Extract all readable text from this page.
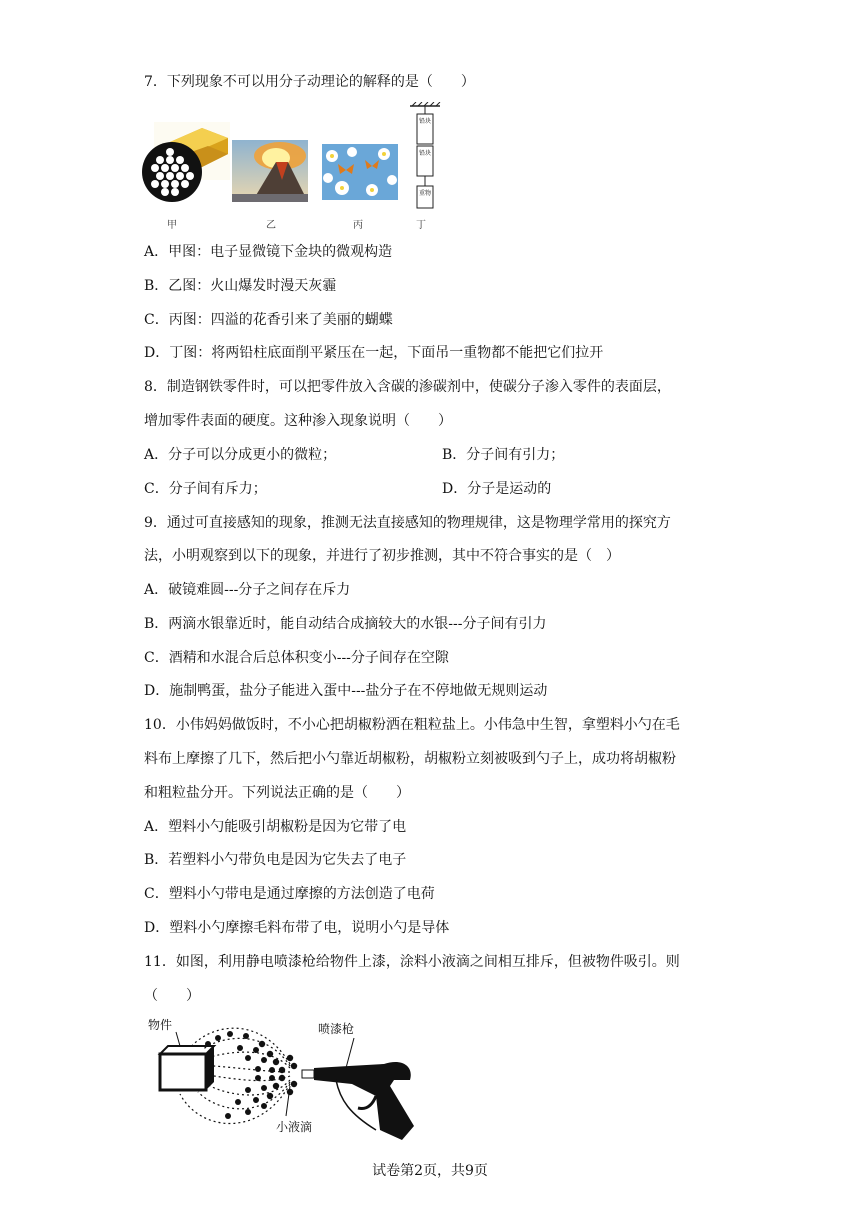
7．下列现象不可以用分子动理论的解释的是（　　）
铅块
铅块
重物
甲	乙	丙	丁
A．甲图：电子显微镜下金块的微观构造
B．乙图：火山爆发时漫天灰霾
C．丙图：四溢的花香引来了美丽的蝴蝶
D．丁图：将两铅柱底面削平紧压在一起，下面吊一重物都不能把它们拉开
8．制造钢铁零件时，可以把零件放入含碳的渗碳剂中，使碳分子渗入零件的表面层，
增加零件表面的硬度。这种渗入现象说明（　　）
A．分子可以分成更小的微粒；	B．分子间有引力；
C．分子间有斥力；	D．分子是运动的
9．通过可直接感知的现象，推测无法直接感知的物理规律，这是物理学常用的探究方
法，小明观察到以下的现象，并进行了初步推测，其中不符合事实的是（　）
A．破镜难圆---分子之间存在斥力
B．两滴水银靠近时，能自动结合成摘较大的水银---分子间有引力
C．酒精和水混合后总体积变小---分子间存在空隙
D．施制鸭蛋，盐分子能进入蛋中---盐分子在不停地做无规则运动
10．小伟妈妈做饭时，不小心把胡椒粉洒在粗粒盐上。小伟急中生智，拿塑料小勺在毛
料布上摩擦了几下，然后把小勺靠近胡椒粉，胡椒粉立刻被吸到勺子上，成功将胡椒粉
和粗粒盐分开。下列说法正确的是（　　）
A．塑料小勺能吸引胡椒粉是因为它带了电
B．若塑料小勺带负电是因为它失去了电子
C．塑料小勺带电是通过摩擦的方法创造了电荷
D．塑料小勺摩擦毛料布带了电，说明小勺是导体
11．如图，利用静电喷漆枪给物件上漆，涂料小液滴之间相互排斥，但被物件吸引。则
（　　）
物件	喷漆枪
小液滴
试卷第2页，共9页
